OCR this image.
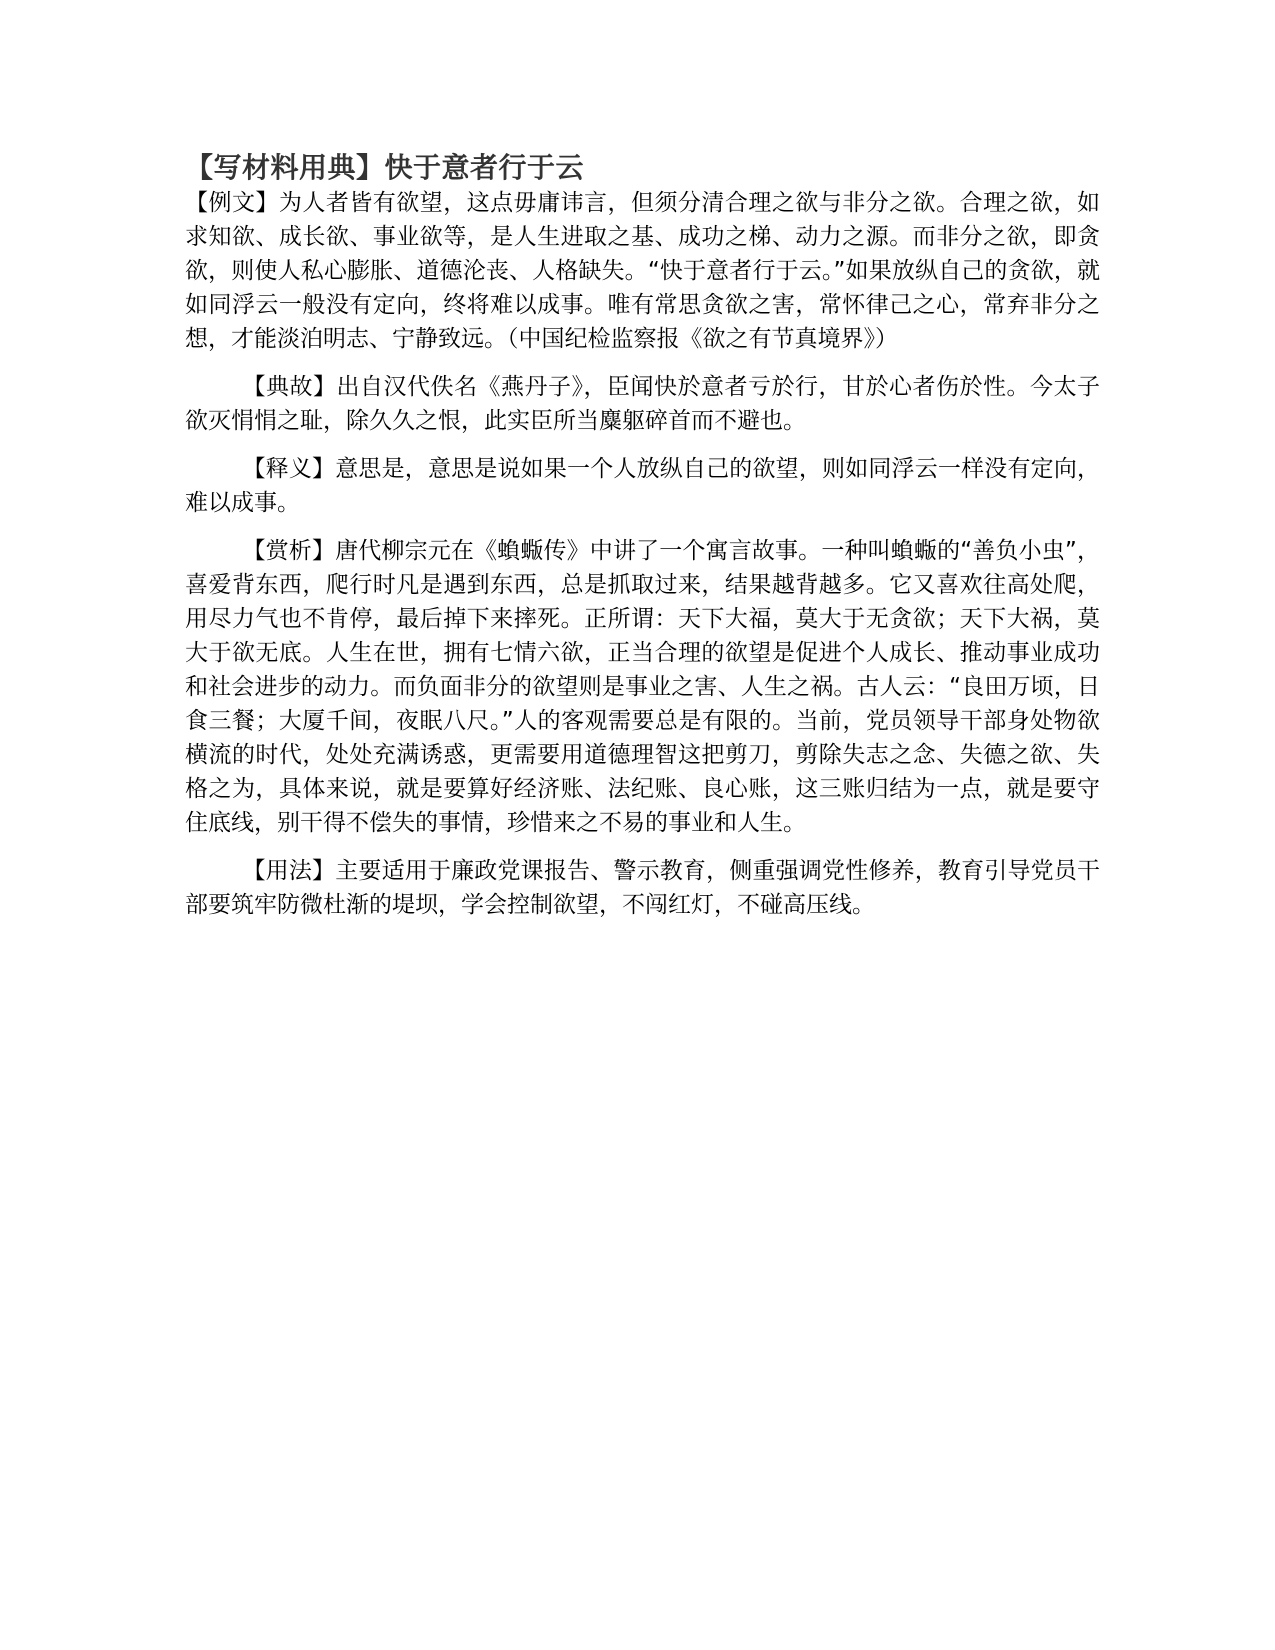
【写材料用典】快于意者行于云

【例文】为人者皆有欲望，这点毋庸讳言，但须分清合理之欲与非分之欲。合理之欲，如求知欲、成长欲、事业欲等，是人生进取之基、成功之梯、动力之源。而非分之欲，即贪欲，则使人私心膨胀、道德沦丧、人格缺失。“快于意者行于云。”如果放纵自己的贪欲，就如同浮云一般没有定向，终将难以成事。唯有常思贪欲之害，常怀律己之心，常弃非分之想，才能淡泊明志、宁静致远。（中国纪检监察报《欲之有节真境界》）

【典故】出自汉代佚名《燕丹子》，臣闻快於意者亏於行，甘於心者伤於性。今太子欲灭悁悁之耻，除久久之恨，此实臣所当麋躯碎首而不避也。

【释义】意思是，意思是说如果一个人放纵自己的欲望，则如同浮云一样没有定向，难以成事。

【赏析】唐代柳宗元在《蝜蝂传》中讲了一个寓言故事。一种叫蝜蝂的“善负小虫”，喜爱背东西，爬行时凡是遇到东西，总是抓取过来，结果越背越多。它又喜欢往高处爬，用尽力气也不肯停，最后掉下来摔死。正所谓：天下大福，莫大于无贪欲；天下大祸，莫大于欲无底。人生在世，拥有七情六欲，正当合理的欲望是促进个人成长、推动事业成功和社会进步的动力。而负面非分的欲望则是事业之害、人生之祸。古人云：“良田万顷，日食三餐；大厦千间，夜眠八尺。”人的客观需要总是有限的。当前，党员领导干部身处物欲横流的时代，处处充满诱惑，更需要用道德理智这把剪刀，剪除失志之念、失德之欲、失格之为，具体来说，就是要算好经济账、法纪账、良心账，这三账归结为一点，就是要守住底线，别干得不偿失的事情，珍惜来之不易的事业和人生。

【用法】主要适用于廉政党课报告、警示教育，侧重强调党性修养，教育引导党员干部要筑牢防微杜渐的堤坝，学会控制欲望，不闯红灯，不碰高压线。
